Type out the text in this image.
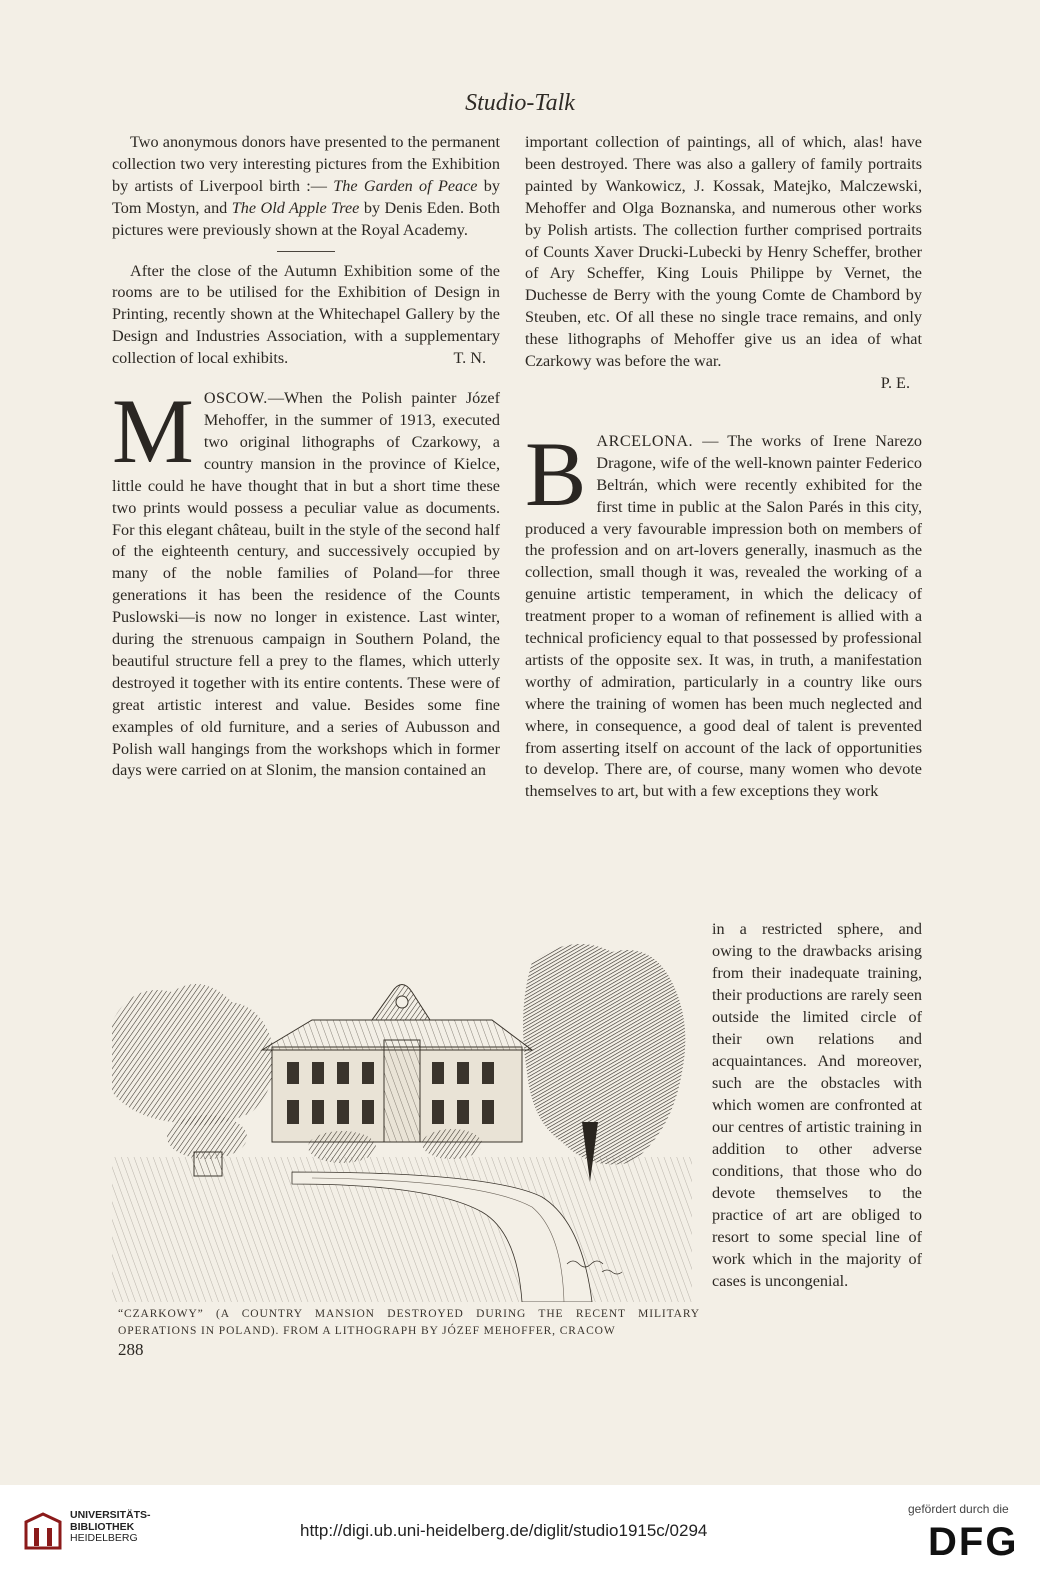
Studio-Talk

Two anonymous donors have presented to the permanent collection two very interesting pictures from the Exhibition by artists of Liverpool birth :— The Garden of Peace by Tom Mostyn, and The Old Apple Tree by Denis Eden. Both pictures were previously shown at the Royal Academy.

After the close of the Autumn Exhibition some of the rooms are to be utilised for the Exhibition of Design in Printing, recently shown at the Whitechapel Gallery by the Design and Industries Association, with a supplementary collection of local exhibits.	T. N.

M OSCOW.—When the Polish painter Józef Mehoffer, in the summer of 1913, executed two original lithographs of Czarkowy, a country mansion in the province of Kielce, little could he have thought that in but a short time these two prints would possess a peculiar value as documents. For this elegant château, built in the style of the second half of the eighteenth century, and successively occupied by many of the noble families of Poland—for three generations it has been the residence of the Counts Puslowski—is now no longer in existence. Last winter, during the strenuous campaign in Southern Poland, the beautiful structure fell a prey to the flames, which utterly destroyed it together with its entire contents. These were of great artistic interest and value. Besides some fine examples of old furniture, and a series of Aubusson and Polish wall hangings from the workshops which in former days were carried on at Slonim, the mansion contained an

important collection of paintings, all of which, alas! have been destroyed. There was also a gallery of family portraits painted by Wankowicz, J. Kossak, Matejko, Malczewski, Mehoffer and Olga Boznanska, and numerous other works by Polish artists. The collection further comprised portraits of Counts Xaver Drucki-Lubecki by Henry Scheffer, brother of Ary Scheffer, King Louis Philippe by Vernet, the Duchesse de Berry with the young Comte de Chambord by Steuben, etc. Of all these no single trace remains, and only these lithographs of Mehoffer give us an idea of what Czarkowy was before the war.

P. E.
B ARCELONA. — The works of Irene Narezo Dragone, wife of the well-known painter Federico Beltrán, which were recently exhibited for the first time in public at the Salon Parés in this city, produced a very favourable impression both on members of the profession and on art-lovers generally, inasmuch as the collection, small though it was, revealed the working of a genuine artistic temperament, in which the delicacy of treatment proper to a woman of refinement is allied with a technical proficiency equal to that possessed by professional artists of the opposite sex. It was, in truth, a manifestation worthy of admiration, particularly in a country like ours where the training of women has been much neglected and where, in consequence, a good deal of talent is prevented from asserting itself on account of the lack of opportunities to develop. There are, of course, many women who devote themselves to art, but with a few exceptions they work

in a restricted sphere, and owing to the drawbacks arising from their inadequate training, their productions are rarely seen outside the limited circle of their own relations and acquaintances. And moreover, such are the obstacles with which women are confronted at our centres of artistic training in addition to other adverse conditions, that those who do devote themselves to the practice of art are obliged to resort to some special line of work which in the majority of cases is uncongenial.
“CZARKOWY” (A COUNTRY MANSION DESTROYED DURING THE RECENT MILITARY OPERATIONS IN POLAND). FROM A LITHOGRAPH BY JÓZEF MEHOFFER, CRACOW
288
UNIVERSITÄTS-
BIBLIOTHEK
HEIDELBERG	http://digi.ub.uni-heidelberg.de/diglit/studio1915c/0294
gefördert durch die
DFG
